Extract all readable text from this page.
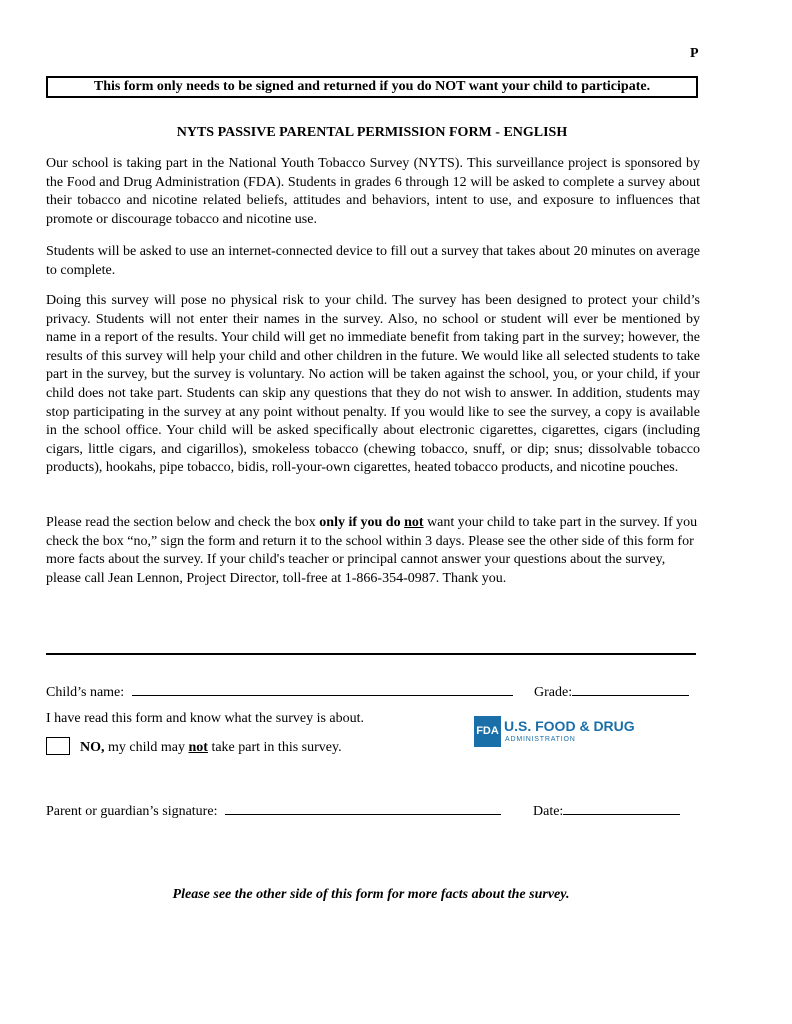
P
This form only needs to be signed and returned if you do NOT want your child to participate.
NYTS PASSIVE PARENTAL PERMISSION FORM - ENGLISH
Our school is taking part in the National Youth Tobacco Survey (NYTS). This surveillance project is sponsored by the Food and Drug Administration (FDA). Students in grades 6 through 12 will be asked to complete a survey about their tobacco and nicotine related beliefs, attitudes and behaviors, intent to use, and exposure to influences that promote or discourage tobacco and nicotine use.
Students will be asked to use an internet-connected device to fill out a survey that takes about 20 minutes on average to complete.
Doing this survey will pose no physical risk to your child. The survey has been designed to protect your child’s privacy. Students will not enter their names in the survey. Also, no school or student will ever be mentioned by name in a report of the results. Your child will get no immediate benefit from taking part in the survey; however, the results of this survey will help your child and other children in the future. We would like all selected students to take part in the survey, but the survey is voluntary. No action will be taken against the school, you, or your child, if your child does not take part. Students can skip any questions that they do not wish to answer. In addition, students may stop participating in the survey at any point without penalty. If you would like to see the survey, a copy is available in the school office. Your child will be asked specifically about electronic cigarettes, cigarettes, cigars (including cigars, little cigars, and cigarillos), smokeless tobacco (chewing tobacco, snuff, or dip; snus; dissolvable tobacco products), hookahs, pipe tobacco, bidis, roll-your-own cigarettes, heated tobacco products, and nicotine pouches.
Please read the section below and check the box only if you do not want your child to take part in the survey. If you check the box “no,” sign the form and return it to the school within 3 days. Please see the other side of this form for more facts about the survey. If your child's teacher or principal cannot answer your questions about the survey, please call Jean Lennon, Project Director, toll-free at 1-866-354-0987. Thank you.
Child’s name:	Grade:
I have read this form and know what the survey is about.
NO, my child may not take part in this survey.
FDA U.S. FOOD & DRUG
ADMINISTRATION
Parent or guardian’s signature:	Date:
Please see the other side of this form for more facts about the survey.
